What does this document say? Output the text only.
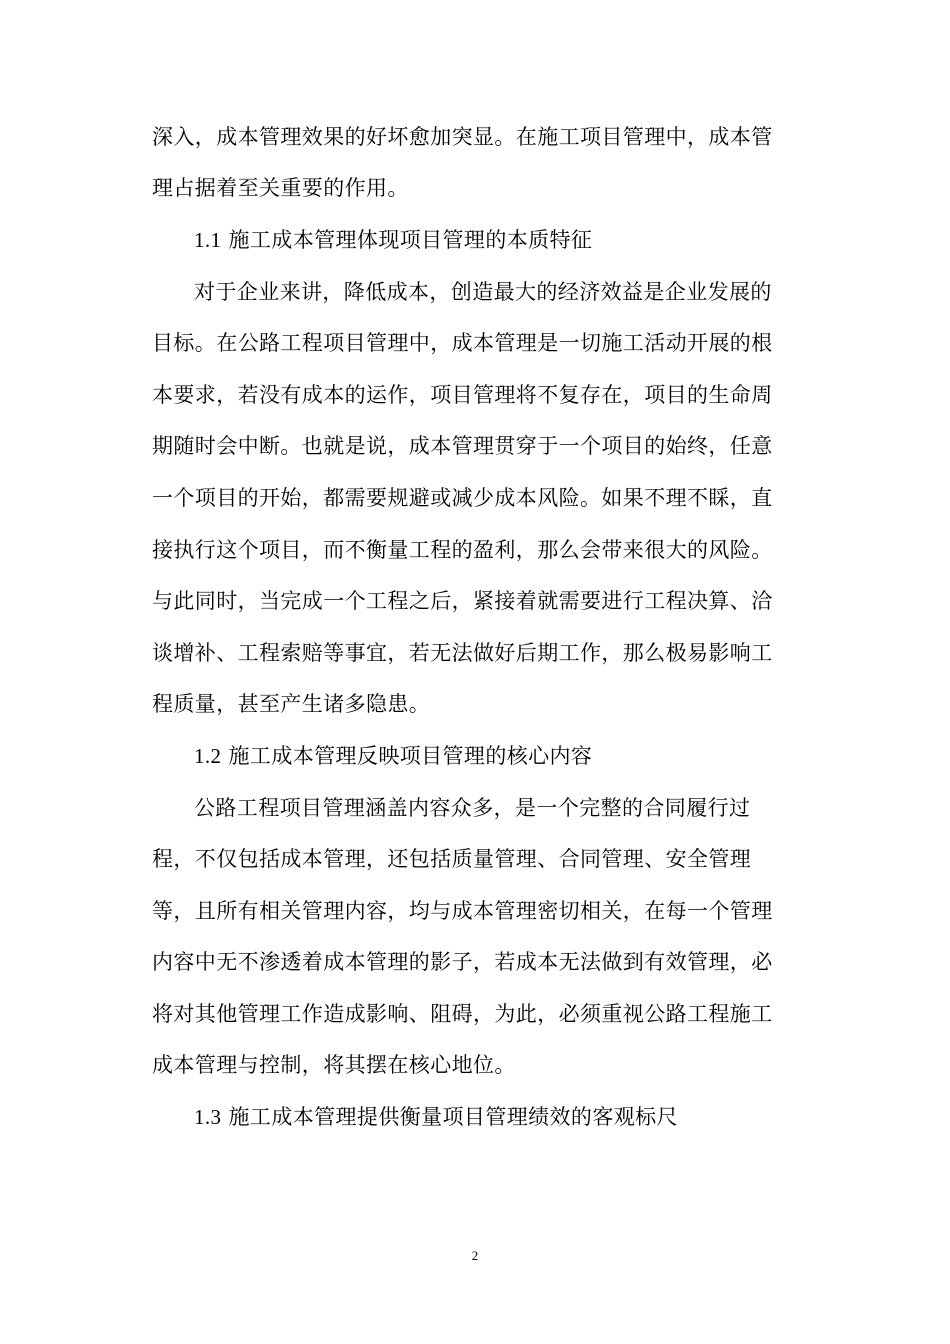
深入，成本管理效果的好坏愈加突显。在施工项目管理中，成本管
理占据着至关重要的作用。
1.1 施工成本管理体现项目管理的本质特征
对于企业来讲，降低成本，创造最大的经济效益是企业发展的
目标。在公路工程项目管理中，成本管理是一切施工活动开展的根
本要求，若没有成本的运作，项目管理将不复存在，项目的生命周
期随时会中断。也就是说，成本管理贯穿于一个项目的始终，任意
一个项目的开始，都需要规避或减少成本风险。如果不理不睬，直
接执行这个项目，而不衡量工程的盈利，那么会带来很大的风险。
与此同时，当完成一个工程之后，紧接着就需要进行工程决算、洽
谈增补、工程索赔等事宜，若无法做好后期工作，那么极易影响工
程质量，甚至产生诸多隐患。
1.2 施工成本管理反映项目管理的核心内容
公路工程项目管理涵盖内容众多，是一个完整的合同履行过
程，不仅包括成本管理，还包括质量管理、合同管理、安全管理
等，且所有相关管理内容，均与成本管理密切相关，在每一个管理
内容中无不渗透着成本管理的影子，若成本无法做到有效管理，必
将对其他管理工作造成影响、阻碍，为此，必须重视公路工程施工
成本管理与控制，将其摆在核心地位。
1.3 施工成本管理提供衡量项目管理绩效的客观标尺
2
